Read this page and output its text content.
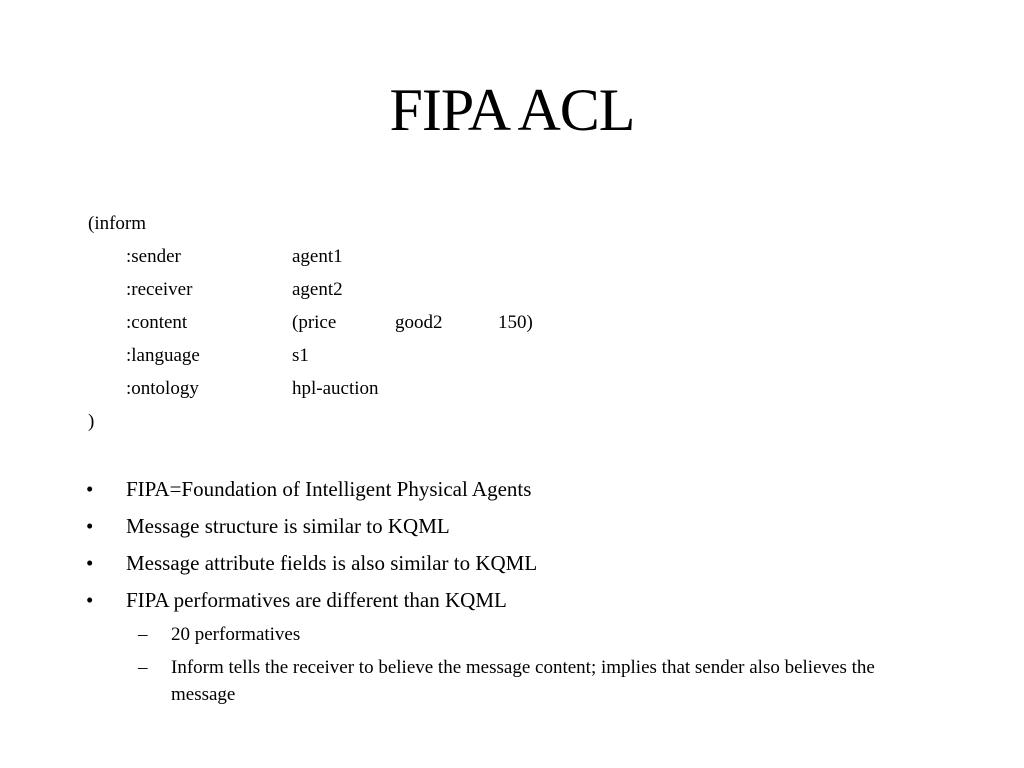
FIPA ACL
(inform
:sender	agent1
:receiver	agent2
:content	(price	good2	150)
:language	s1
:ontology	hpl-auction
)
• FIPA=Foundation of Intelligent Physical Agents
• Message structure is similar to KQML
• Message attribute fields is also similar to KQML
• FIPA performatives are different than KQML
– 20 performatives
– Inform tells the receiver to believe the message content; implies that sender also believes the message
